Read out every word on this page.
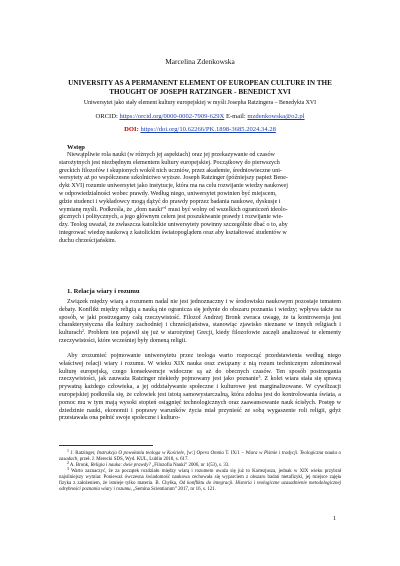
Marcelina Zdenkowska
UNIVERSITY AS A PERMANENT ELEMENT OF EUROPEAN CULTURE IN THE
THOUGHT OF JOSEPH RATZINGER - BENEDICT XVI
Uniwersytet jako stały element kultury europejskiej w myśli Josepha Ratzingera – Benedykta XVI
ORCID: https://orcid.org/0000-0002-7909-629X E-mail: mzdenkowska@o2.pl
DOI: https://doi.org/10.62266/PK.1898-3685.2024.34.28
Wstęp
Niewątpliwie rola nauki (w różnych jej aspektach) oraz jej przekazywanie od czasów
starożytnych jest niezbędnym elementem kultury europejskiej. Początkowy do pierwszych
greckich filozofów i skupionych wokół nich uczniów, przez akademie, średniowieczne uni-
wersytety aż po współczesne szkolnictwo wyższe. Joseph Ratzinger (późniejszy papież Bene-
dykt XVI) rozumie uniwersytet jako instytucje, która ma na celu rozwijanie wiedzy naukowej
w odpowiedzialności wobec prawdy. Według niego, uniwersytet powinien być miejscem,
gdzie studenci i wykładowcy mogą dążyć do prawdy poprzez badania naukowe, dyskusje i
wymianę myśli. Podkreśla, że „dom nauki”$^1$ musi być wolny od wszelkich ograniczeń ideolo-
gicznych i politycznych, a jego głównym celem jest poszukiwanie prawdy i rozwijanie wie-
dzy. Teolog uważał, że zwłaszcza katolickie uniwersytety powinny szczególnie dbać o to, aby
integrować wiedzę naukową z katolickim światopoglądem oraz aby kształtować studentów w
duchu chrześcijańskim.
1. Relacja wiary i rozumu
Związek między wiarą a rozumem nadal nie jest jednoznaczny i w środowisku naukowym pozostaje tematem debaty. Konflikt między religią a nauką nie ogranicza się jedynie do obszaru poznania i wiedzy; wpływa także na sposób, w jaki postrzegamy całą rzeczywistość. Filozof Andrzej Bronk zwraca uwagę, że ta kontrowersja jest charakterystyczna dla kultury zachodniej i chrześcijaństwa, stanowiąc zjawisko nieznane w innych religiach i kulturach$^2$. Problem ten pojawił się już w starożytnej Grecji, kiedy filozofowie zaczęli analizować te elementy rzeczywistości, które wcześniej były domeną religii.
Aby zrozumieć pojmowanie uniwersytetu przez teologa warto rozpocząć przedstawienia według niego właściwej relacji wiary i rozumu. W wieku XIX nauka oraz związany z nią rozum technicznym zdominował kulturę europejską, czego konsekwencje widoczne są aż do obecnych czasów. Ten sposób postrzegania rzeczywistości, jak zauważa Ratzinger niekiedy pojmowany jest jako poznanie$^3$. Z kolei wiara stała się sprawą prywatną każdego człowieka, a jej oddziaływanie społeczne i kulturowe jest marginalizowane. W cywilizacji europejskiej podkreśla się, że człowiek jest istotą samowystarczalną, która zdolna jest do kontrolowania świata, a pomoc mu w tym mają wysoki stopień osiągnięć technologicznych oraz zaawansowanie nauk ścisłych. Postęp w dziedzinie nauki, ekonomii i poprawy warunków życia miał przynieść ze sobą wygaszenie roli religii, gdyż przestawała ona pełnić swoje społeczne i kulturo-
$^1$ J. Ratzinger, Instrukcja O powołaniu teologa w Kościele, [w:] Opera Omnia T. IX/1 – Wiara w Piśmie i tradycji. Teologiczna nauka o zasadach, przeł. J. Merecki SDS, Wyd. KUL, Lublin 2018, s. 617.
$^2$ A. Bronk, Religia i nauka: dwie prawdy? „Filozofia Nauki” 2006, nr 1(53), s. 33.
$^3$ Warto zaznaczyć, że za początek rozdziału między wiarą i rozumem uważa się już to Kartezjusza, jednak w XIX wieku przybrał najsilniejszy wymiar. Ponieważ ówczesna świadomość naukowa cechowała się wyparciem z obszaru badań metafizyki, jej miejsce zajęła fizyka z założeniem, że istnieje tylko materia. B. Chyłka, Od konfliktu do integracji. Historia i teologiczne uzasadnienie metodologicznej odrębności poznania wiary i rozumu, „Semina Scientiarum” 2017, nr 16, s. 121.
1
